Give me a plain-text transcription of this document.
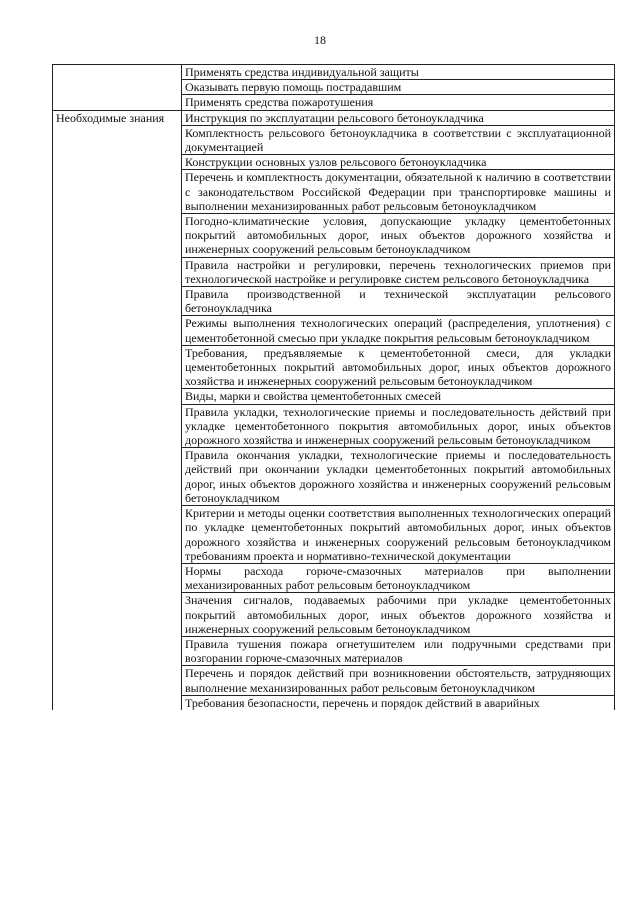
18
	Применять средства индивидуальной защиты
	Оказывать первую помощь пострадавшим
	Применять средства пожаротушения
Необходимые знания	Инструкция по эксплуатации рельсового бетоноукладчика
	Комплектность рельсового бетоноукладчика в соответствии с эксплуатационной документацией
	Конструкции основных узлов рельсового бетоноукладчика
	Перечень и комплектность документации, обязательной к наличию в соответствии с законодательством Российской Федерации при транспортировке машины и выполнении механизированных работ рельсовым бетоноукладчиком
	Погодно-климатические условия, допускающие укладку цементобетонных покрытий автомобильных дорог, иных объектов дорожного хозяйства и инженерных сооружений рельсовым бетоноукладчиком
	Правила настройки и регулировки, перечень технологических приемов при технологической настройке и регулировке систем рельсового бетоноукладчика
	Правила производственной и технической эксплуатации рельсового бетоноукладчика
	Режимы выполнения технологических операций (распределения, уплотнения) с цементобетонной смесью при укладке покрытия рельсовым бетоноукладчиком
	Требования, предъявляемые к цементобетонной смеси, для укладки цементобетонных покрытий автомобильных дорог, иных объектов дорожного хозяйства и инженерных сооружений рельсовым бетоноукладчиком
	Виды, марки и свойства цементобетонных смесей
	Правила укладки, технологические приемы и последовательность действий при укладке цементобетонного покрытия автомобильных дорог, иных объектов дорожного хозяйства и инженерных сооружений рельсовым бетоноукладчиком
	Правила окончания укладки, технологические приемы и последовательность действий при окончании укладки цементобетонных покрытий автомобильных дорог, иных объектов дорожного хозяйства и инженерных сооружений рельсовым бетоноукладчиком
	Критерии и методы оценки соответствия выполненных технологических операций по укладке цементобетонных покрытий автомобильных дорог, иных объектов дорожного хозяйства и инженерных сооружений рельсовым бетоноукладчиком требованиям проекта и нормативно-технической документации
	Нормы расхода горюче-смазочных материалов при выполнении механизированных работ рельсовым бетоноукладчиком
	Значения сигналов, подаваемых рабочими при укладке цементобетонных покрытий автомобильных дорог, иных объектов дорожного хозяйства и инженерных сооружений рельсовым бетоноукладчиком
	Правила тушения пожара огнетушителем или подручными средствами при возгорании горюче-смазочных материалов
	Перечень и порядок действий при возникновении обстоятельств, затрудняющих выполнение механизированных работ рельсовым бетоноукладчиком
	Требования безопасности, перечень и порядок действий в аварийных
